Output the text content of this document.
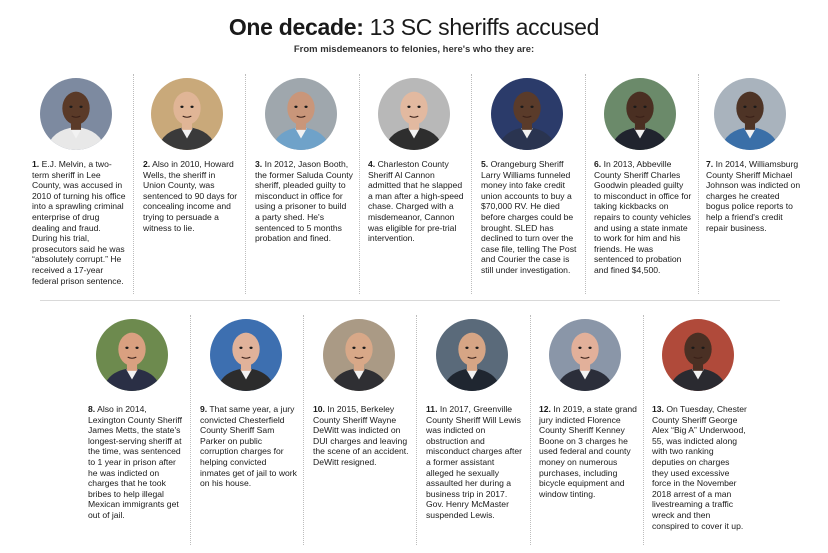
One decade: 13 SC sheriffs accused
From misdemeanors to felonies, here's who they are:
1. E.J. Melvin, a two-term sheriff in Lee County, was accused in 2010 of turning his office into a sprawling criminal enterprise of drug dealing and fraud. During his trial, prosecutors said he was “absolutely corrupt.” He received a 17-year federal prison sentence.
2. Also in 2010, Howard Wells, the sheriff in Union County, was sentenced to 90 days for concealing income and trying to persuade a witness to lie.
3. In 2012, Jason Booth, the former Saluda County sheriff, pleaded guilty to misconduct in office for using a prisoner to build a party shed. He's sentenced to 5 months probation and fined.
4. Charleston County Sheriff Al Cannon admitted that he slapped a man after a high-speed chase. Charged with a misdemeanor, Cannon was eligible for pre-trial intervention.
5. Orangeburg Sheriff Larry Williams funneled money into fake credit union accounts to buy a $70,000 RV. He died before charges could be brought. SLED has declined to turn over the case file, telling The Post and Courier the case is still under investigation.
6. In 2013, Abbeville County Sheriff Charles Goodwin pleaded guilty to misconduct in office for taking kickbacks on repairs to county vehicles and using a state inmate to work for him and his friends. He was sentenced to probation and fined $4,500.
7. In 2014, Williamsburg County Sheriff Michael Johnson was indicted on charges he created bogus police reports to help a friend's credit repair business.
8. Also in 2014, Lexington County Sheriff James Metts, the state's longest-serving sheriff at the time, was sentenced to 1 year in prison after he was indicted on charges that he took bribes to help illegal Mexican immigrants get out of jail.
9. That same year, a jury convicted Chesterfield County Sheriff Sam Parker on public corruption charges for helping convicted inmates get of jail to work on his house.
10. In 2015, Berkeley County Sheriff Wayne DeWitt was indicted on DUI charges and leaving the scene of an accident. DeWitt resigned.
11. In 2017, Greenville County Sheriff Will Lewis was indicted on obstruction and misconduct charges after a former assistant alleged he sexually assaulted her during a business trip in 2017. Gov. Henry McMaster suspended Lewis.
12. In 2019, a state grand jury indicted Florence County Sheriff Kenney Boone on 3 charges he used federal and county money on numerous purchases, including bicycle equipment and window tinting.
13. On Tuesday, Chester County Sheriff George Alex “Big A” Underwood, 55, was indicted along with two ranking deputies on charges they used excessive force in the November 2018 arrest of a man livestreaming a traffic wreck and then conspired to cover it up.
